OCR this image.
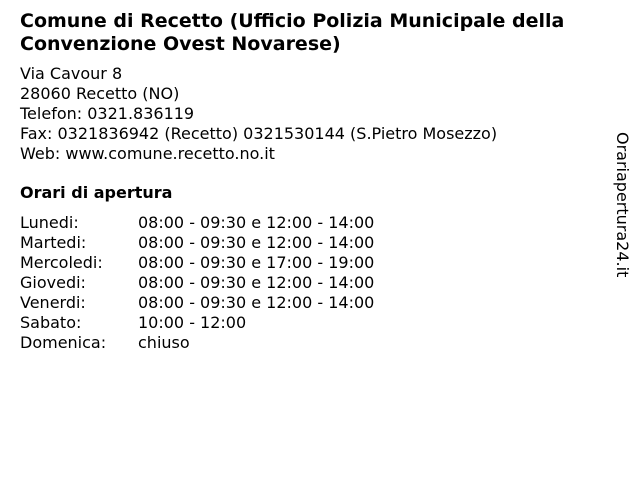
Comune di Recetto (Ufficio Polizia Municipale della Convenzione Ovest Novarese)
Via Cavour 8
28060 Recetto (NO)
Telefon: 0321.836119
Fax: 0321836942 (Recetto) 0321530144 (S.Pietro Mosezzo)
Web: www.comune.recetto.no.it
Orari di apertura
Lunedi:	08:00 - 09:30 e 12:00 - 14:00
Martedi:	08:00 - 09:30 e 12:00 - 14:00
Mercoledi: 08:00 - 09:30 e 17:00 - 19:00
Giovedi:	08:00 - 09:30 e 12:00 - 14:00
Venerdi:	08:00 - 09:30 e 12:00 - 14:00
Sabato:	10:00 - 12:00
Domenica: chiuso
Orariapertura24.it
